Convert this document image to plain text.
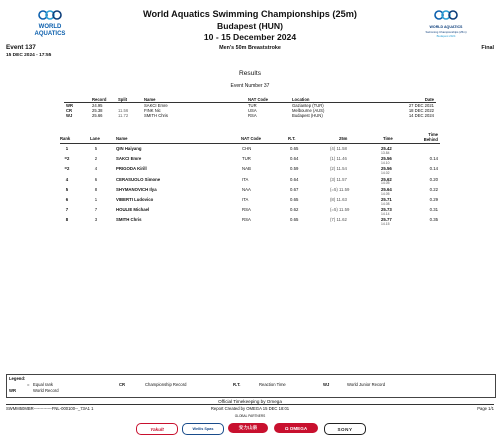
WORLD
AQUATICS
WORLD AQUATICS
Swimming Championships (25m)
Budapest 2024
World Aquatics Swimming Championships (25m)
Budapest (HUN)
10 - 15 December 2024
Event 137	Men's 50m Breaststroke	Final
15 DEC 2024 - 17:55
Results
Event Number 37
	Record	Split	Name	NAT Code	Location	Date
WR	24.95		SAKCI Emre	TUR	Gaziantep (TUR)	27 DEC 2021
CR	25.38	11.56	FINK Nic	USA	Melbourne (AUS)	18 DEC 2022
WJ	25.66	11.72	SMITH Chris	RSA	Budapest (HUN)	14 DEC 2024
Rank	Lane	Name	NAT Code	R.T.	25m	Time
Time Behind
1	5	QIN Haiyang	CHN	0.65	(4) 11.58	25.42
13.84
=2	2	SAKCI Emre	TUR	0.64	(1) 11.46	25.56	0.14
14.10
=2	4	PRIGODA Kirill	NAB	0.59	(2) 11.54	25.56	0.14
14.02
4	6	CERASUOLO Simone	ITA	0.64	(3) 11.57	25.62	0.20
14.05
5	8	SHYMANOVICH Ilya	NAA	0.67	(=5) 11.59	25.64	0.22
14.05
6	1	VIBERTI Ludovico	ITA	0.65	(8) 11.63	25.71	0.29
14.08
7	7	HOULIE Michael	RSA	0.62	(=5) 11.59	25.73	0.31
14.14
8	3	SMITH Chris	RSA	0.65	(7) 11.62	25.77	0.35
14.15
Legend:
= Equal rank	CR	Championship Record	R.T.	Reaction Time	WJ	World Junior Record
WR	World Record
SWMM50MBR-------------FNL-000100--_73A1 1	Report Created by OMEGA 15 DEC 18:01	Page 1/1
Official Timekeeping by Omega
GLOBAL PARTNERS
Yakult	Wellis Spas	安力山泉	Ω OMEGA	SONY
